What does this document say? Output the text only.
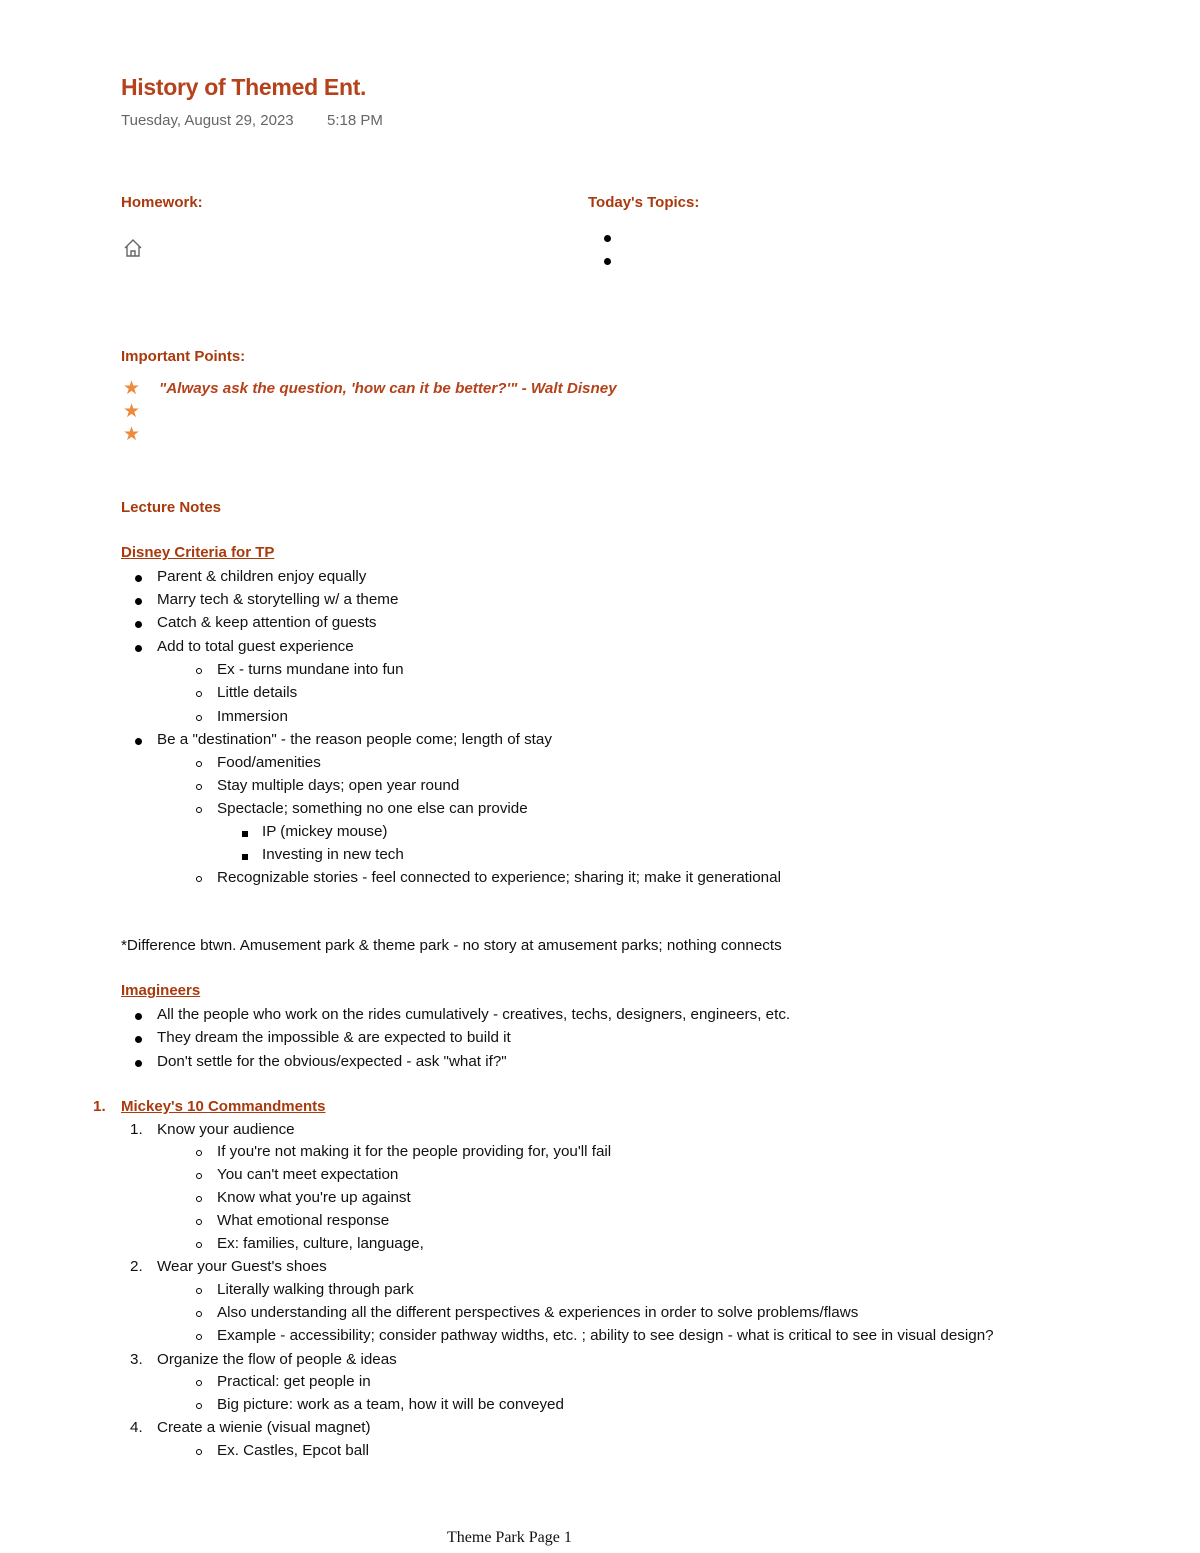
History of Themed Ent.
Tuesday, August 29, 2023 5:18 PM
Homework:	Today's Topics:
Important Points:
★
★
★
"Always ask the question, 'how can it be better?'" - Walt Disney
Lecture Notes
Disney Criteria for TP
Parent & children enjoy equally
Marry tech & storytelling w/ a theme
Catch & keep attention of guests
Add to total guest experience
Ex - turns mundane into fun
Little details
Immersion
Be a "destination" - the reason people come; length of stay
Food/amenities
Stay multiple days; open year round
Spectacle; something no one else can provide
IP (mickey mouse)
Investing in new tech
Recognizable stories - feel connected to experience; sharing it; make it generational
*Difference btwn. Amusement park & theme park - no story at amusement parks; nothing connects
Imagineers
All the people who work on the rides cumulatively - creatives, techs, designers, engineers, etc.
They dream the impossible & are expected to build it
Don't settle for the obvious/expected - ask "what if?"
1. Mickey's 10 Commandments
1. Know your audience
If you're not making it for the people providing for, you'll fail
You can't meet expectation
Know what you're up against
What emotional response
Ex: families, culture, language,
2. Wear your Guest's shoes
Literally walking through park
Also understanding all the different perspectives & experiences in order to solve problems/flaws
Example - accessibility; consider pathway widths, etc. ; ability to see design - what is critical to see in visual design?
3. Organize the flow of people & ideas
Practical: get people in
Big picture: work as a team, how it will be conveyed
4. Create a wienie (visual magnet)
Ex. Castles, Epcot ball
Theme Park Page 1
